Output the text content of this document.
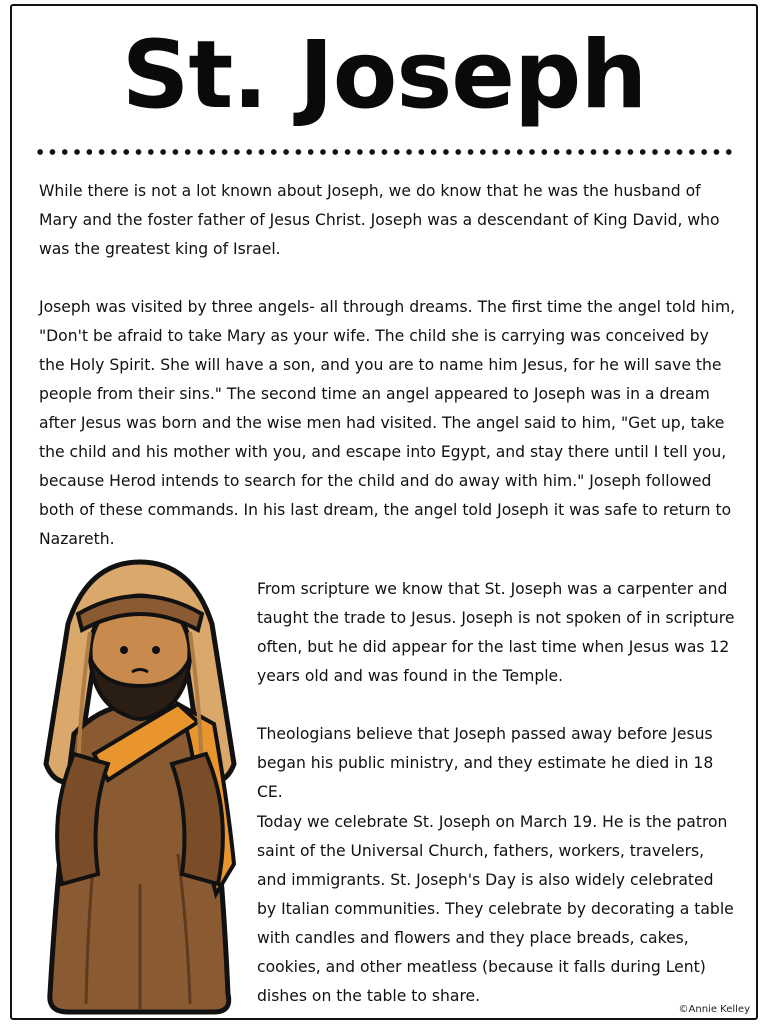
St. Joseph

While there is not a lot known about Joseph, we do know that he was the husband of Mary and the foster father of Jesus Christ. Joseph was a descendant of King David, who was the greatest king of Israel.

Joseph was visited by three angels- all through dreams. The first time the angel told him, "Don't be afraid to take Mary as your wife. The child she is carrying was conceived by the Holy Spirit. She will have a son, and you are to name him Jesus, for he will save the people from their sins." The second time an angel appeared to Joseph was in a dream after Jesus was born and the wise men had visited. The angel said to him, "Get up, take the child and his mother with you, and escape into Egypt, and stay there until I tell you, because Herod intends to search for the child and do away with him." Joseph followed both of these commands. In his last dream, the angel told Joseph it was safe to return to Nazareth.

From scripture we know that St. Joseph was a carpenter and taught the trade to Jesus. Joseph is not spoken of in scripture often, but he did appear for the last time when Jesus was 12 years old and was found in the Temple.

Theologians believe that Joseph passed away before Jesus began his public ministry, and they estimate he died in 18 CE.

Today we celebrate St. Joseph on March 19. He is the patron saint of the Universal Church, fathers, workers, travelers, and immigrants. St. Joseph's Day is also widely celebrated by Italian communities. They celebrate by decorating a table with candles and flowers and they place breads, cakes, cookies, and other meatless (because it falls during Lent) dishes on the table to share.

©Annie Kelley
